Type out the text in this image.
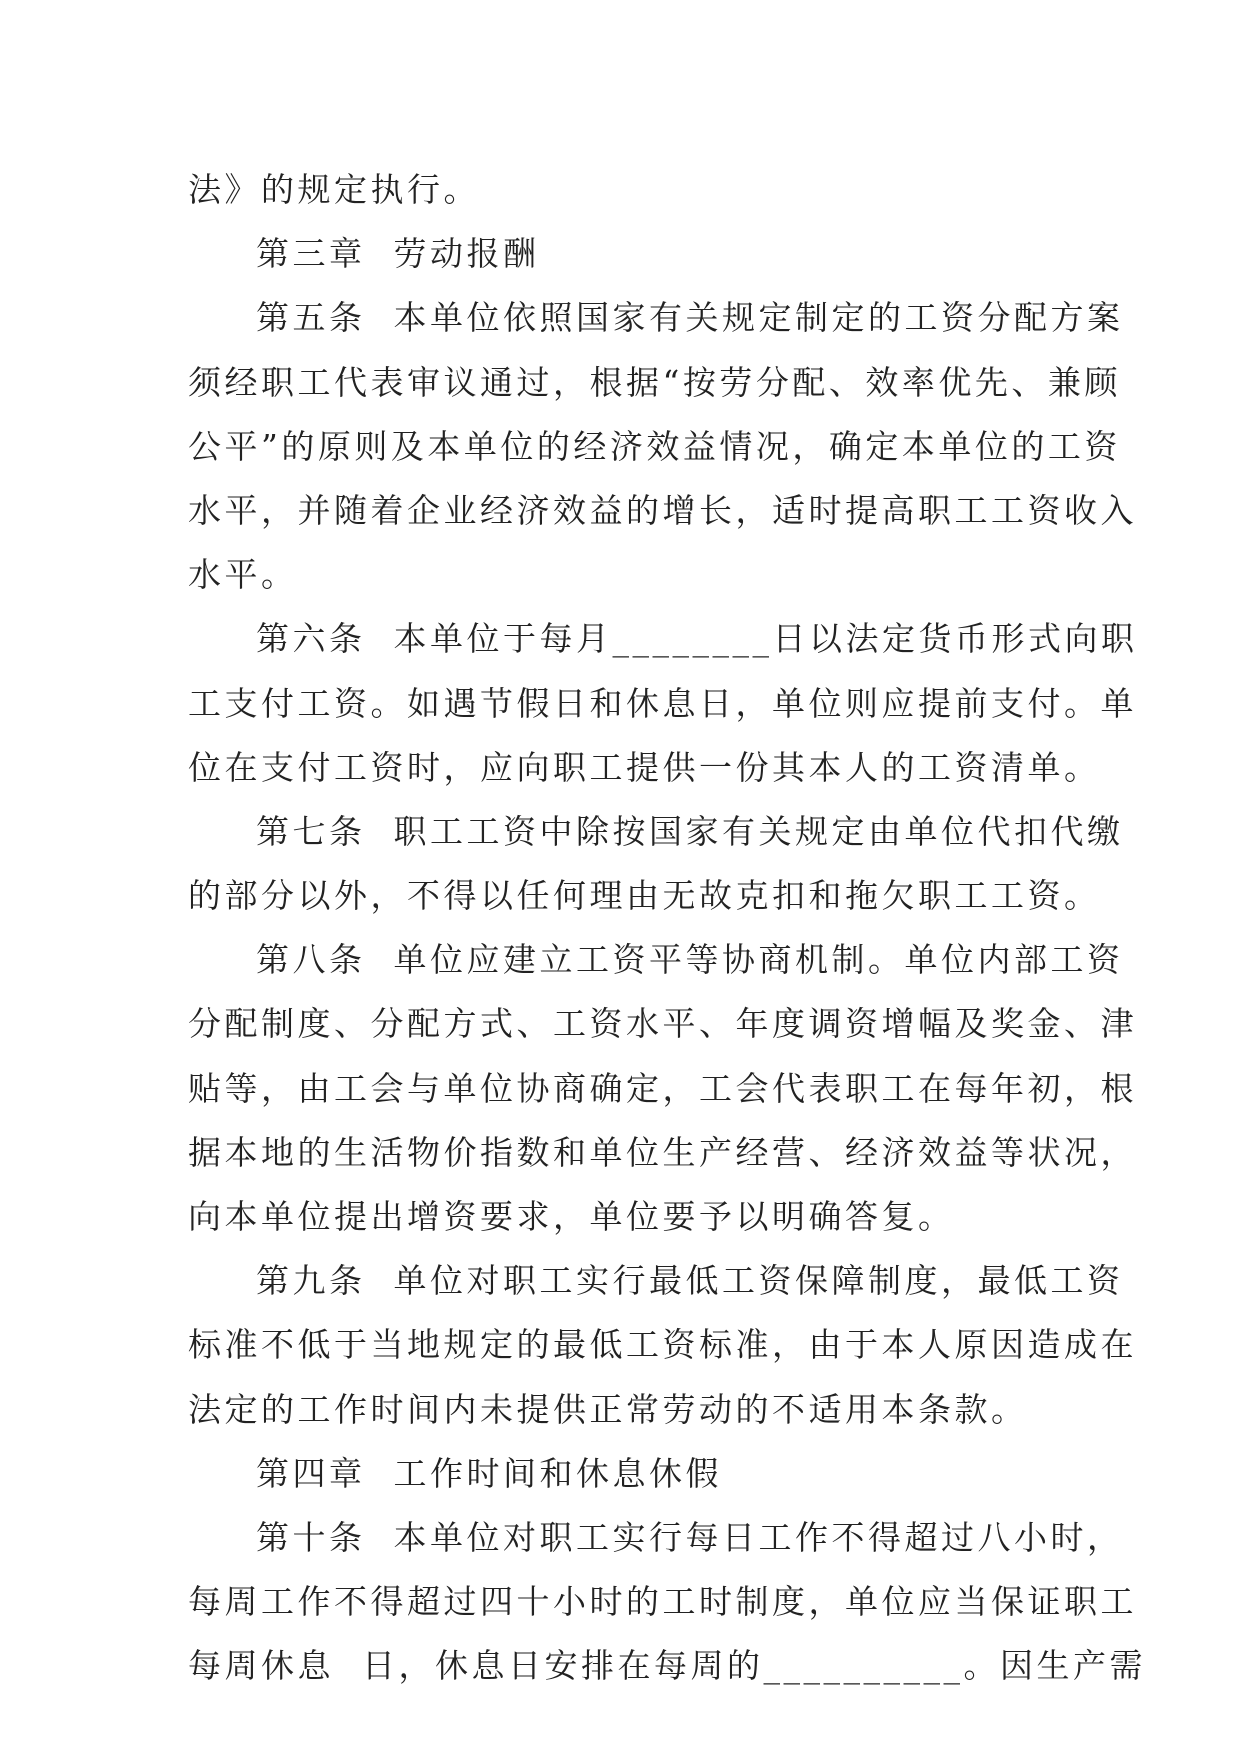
法》的规定执行。
第三章  劳动报酬
第五条  本单位依照国家有关规定制定的工资分配方案
须经职工代表审议通过，根据“按劳分配、效率优先、兼顾
公平”的原则及本单位的经济效益情况，确定本单位的工资
水平，并随着企业经济效益的增长，适时提高职工工资收入
水平。
第六条  本单位于每月________日以法定货币形式向职
工支付工资。如遇节假日和休息日，单位则应提前支付。单
位在支付工资时，应向职工提供一份其本人的工资清单。
第七条  职工工资中除按国家有关规定由单位代扣代缴
的部分以外，不得以任何理由无故克扣和拖欠职工工资。
第八条  单位应建立工资平等协商机制。单位内部工资
分配制度、分配方式、工资水平、年度调资增幅及奖金、津
贴等，由工会与单位协商确定，工会代表职工在每年初，根
据本地的生活物价指数和单位生产经营、经济效益等状况，
向本单位提出增资要求，单位要予以明确答复。
第九条  单位对职工实行最低工资保障制度，最低工资
标准不低于当地规定的最低工资标准，由于本人原因造成在
法定的工作时间内未提供正常劳动的不适用本条款。
第四章  工作时间和休息休假
第十条  本单位对职工实行每日工作不得超过八小时，
每周工作不得超过四十小时的工时制度，单位应当保证职工
每周休息  日，休息日安排在每周的__________。因生产需
